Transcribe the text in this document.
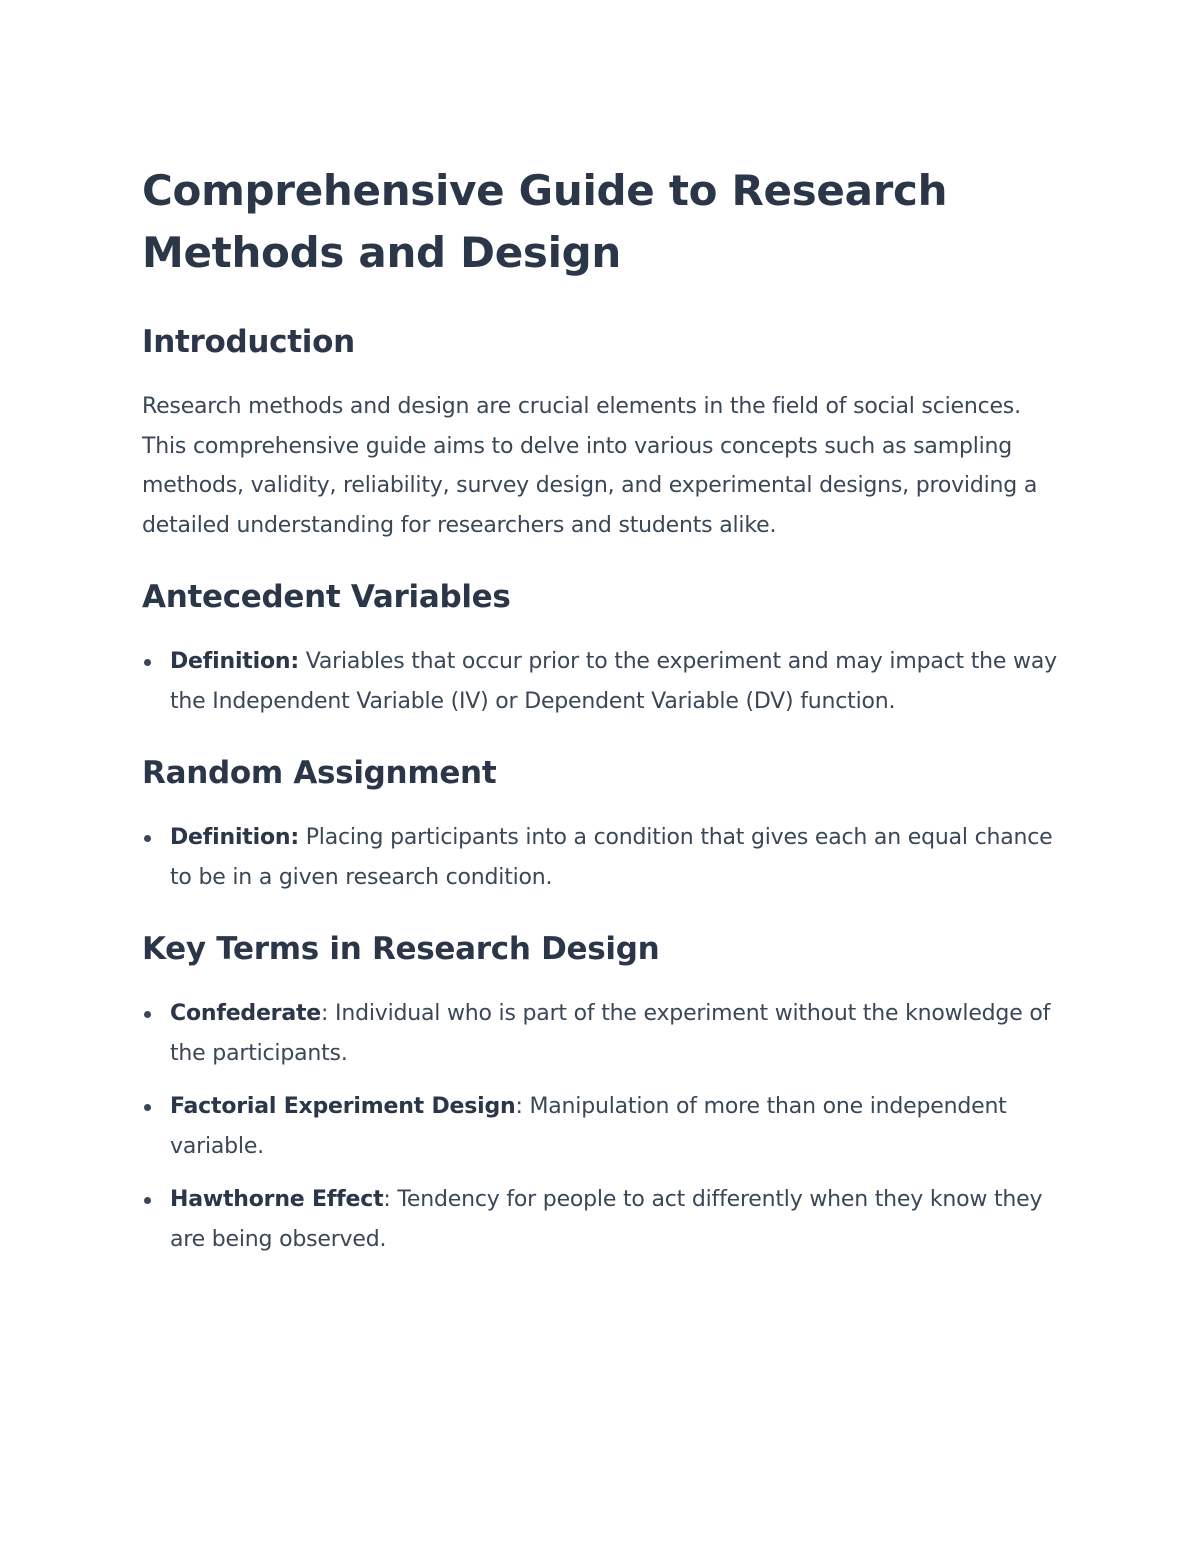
Comprehensive Guide to Research Methods and Design
Introduction

Research methods and design are crucial elements in the field of social sciences. This comprehensive guide aims to delve into various concepts such as sampling methods, validity, reliability, survey design, and experimental designs, providing a detailed understanding for researchers and students alike.

Antecedent Variables
Definition: Variables that occur prior to the experiment and may impact the way the Independent Variable (IV) or Dependent Variable (DV) function.
Random Assignment
Definition: Placing participants into a condition that gives each an equal chance to be in a given research condition.
Key Terms in Research Design
Confederate: Individual who is part of the experiment without the knowledge of the participants.
Factorial Experiment Design: Manipulation of more than one independent variable.
Hawthorne Effect: Tendency for people to act differently when they know they are being observed.
